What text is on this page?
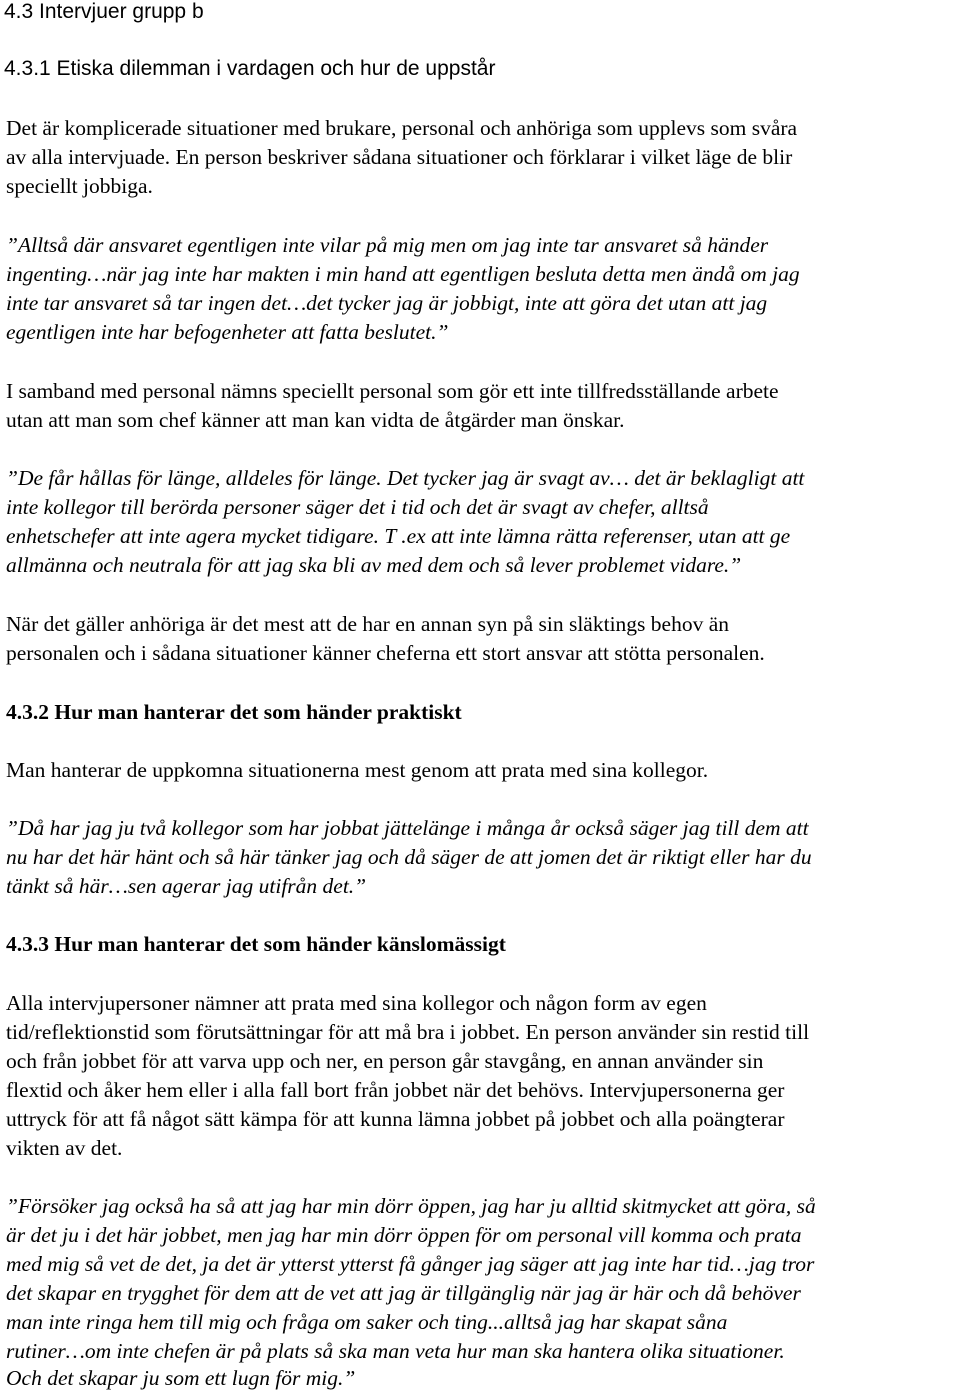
4.3 Intervjuer grupp b
4.3.1 Etiska dilemman i vardagen och hur de uppstår
Det är komplicerade situationer med brukare, personal och anhöriga som upplevs som svåra
av alla intervjuade. En person beskriver sådana situationer och förklarar i vilket läge de blir
speciellt jobbiga.
”Alltså där ansvaret egentligen inte vilar på mig men om jag inte tar ansvaret så händer
ingenting…när jag inte har makten i min hand att egentligen besluta detta men ändå om jag
inte tar ansvaret så tar ingen det…det tycker jag är jobbigt, inte att göra det utan att jag
egentligen inte har befogenheter att fatta beslutet.”
I samband med personal nämns speciellt personal som gör ett inte tillfredsställande arbete
utan att man som chef känner att man kan vidta de åtgärder man önskar.
”De får hållas för länge, alldeles för länge. Det tycker jag är svagt av… det är beklagligt att
inte kollegor till berörda personer säger det i tid och det är svagt av chefer, alltså
enhetschefer att inte agera mycket tidigare. T .ex att inte lämna rätta referenser, utan att ge
allmänna och neutrala för att jag ska bli av med dem och så lever problemet vidare.”
När det gäller anhöriga är det mest att de har en annan syn på sin släktings behov än
personalen och i sådana situationer känner cheferna ett stort ansvar att stötta personalen.
4.3.2 Hur man hanterar det som händer praktiskt
Man hanterar de uppkomna situationerna mest genom att prata med sina kollegor.
”Då har jag ju två kollegor som har jobbat jättelänge i många år också säger jag till dem att
nu har det här hänt och så här tänker jag och då säger de att jomen det är riktigt eller har du
tänkt så här…sen agerar jag utifrån det.”
4.3.3 Hur man hanterar det som händer känslomässigt
Alla intervjupersoner nämner att prata med sina kollegor och någon form av egen
tid/reflektionstid som förutsättningar för att må bra i jobbet. En person använder sin restid till
och från jobbet för att varva upp och ner, en person går stavgång, en annan använder sin
flextid och åker hem eller i alla fall bort från jobbet när det behövs. Intervjupersonerna ger
uttryck för att få något sätt kämpa för att kunna lämna jobbet på jobbet och alla poängterar
vikten av det.
”Försöker jag också ha så att jag har min dörr öppen, jag har ju alltid skitmycket att göra, så
är det ju i det här jobbet, men jag har min dörr öppen för om personal vill komma och prata
med mig så vet de det, ja det är ytterst ytterst få gånger jag säger att jag inte har tid…jag tror
det skapar en trygghet för dem att de vet att jag är tillgänglig när jag är här och då behöver
man inte ringa hem till mig och fråga om saker och ting...alltså jag har skapat såna
rutiner…om inte chefen är på plats så ska man veta hur man ska hantera olika situationer.
Och det skapar ju som ett lugn för mig.”
